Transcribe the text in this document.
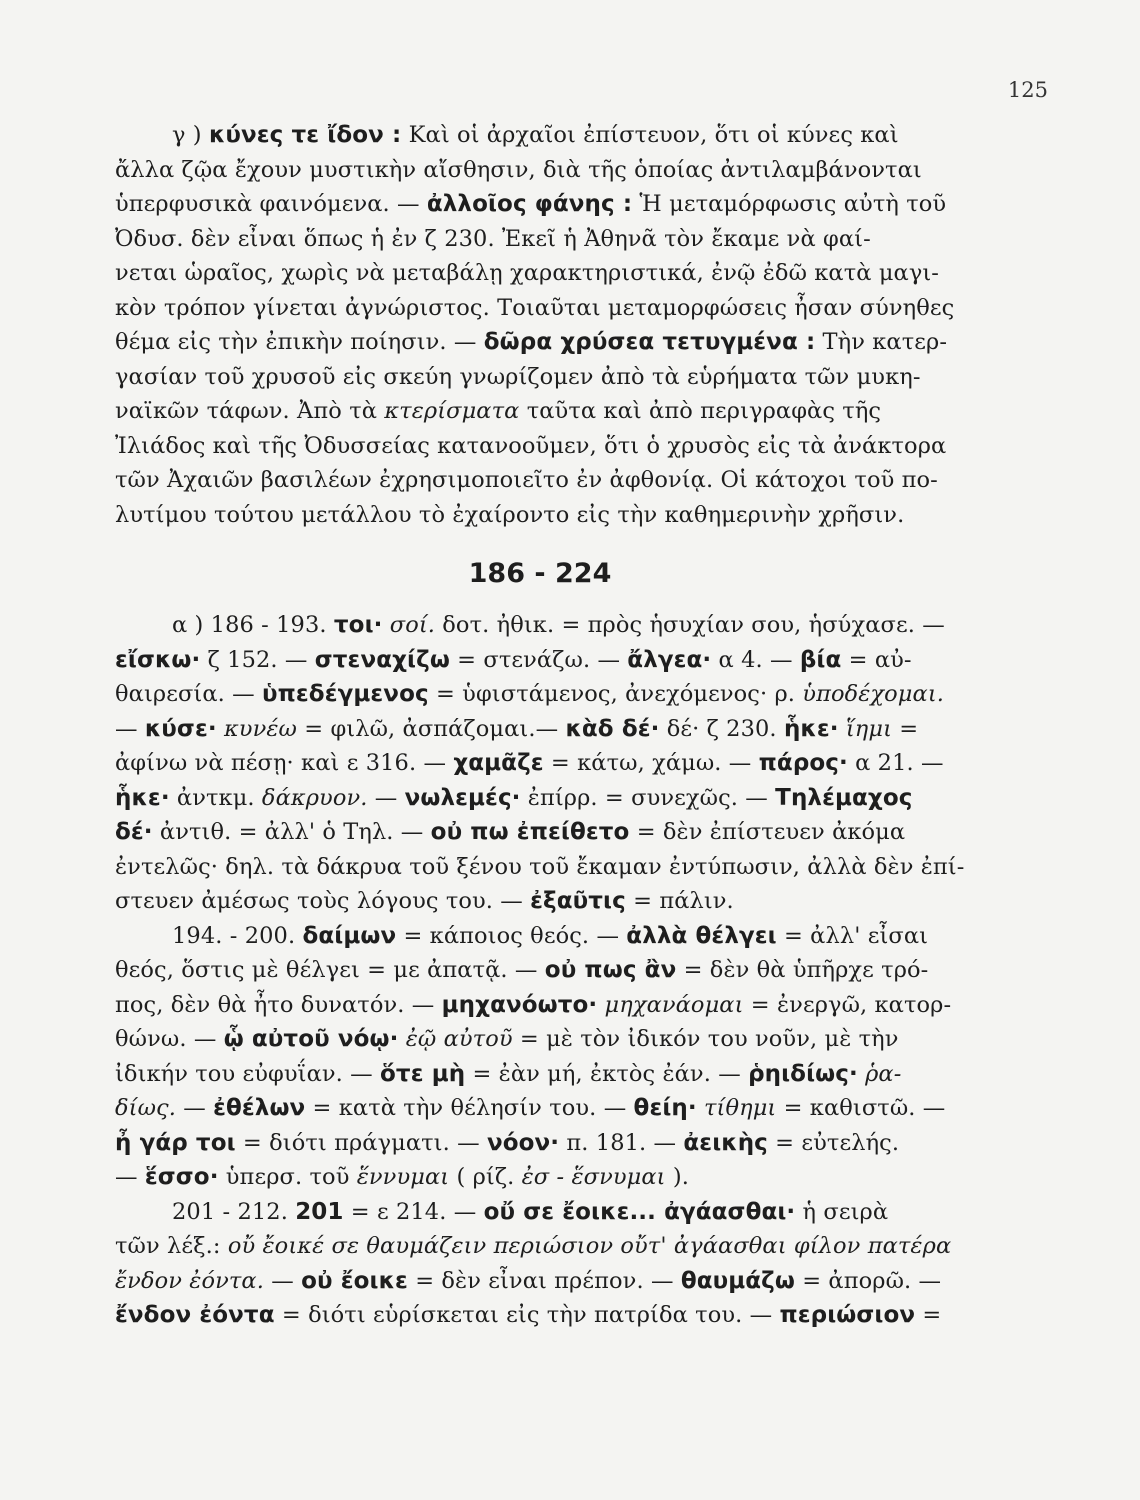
125
γ ) κύνες τε ἴδον : Καὶ οἱ ἀρχαῖοι ἐπίστευον, ὅτι οἱ κύνες καὶ
ἄλλα ζῷα ἔχουν μυστικὴν αἴσθησιν, διὰ τῆς ὁποίας ἀντιλαμβάνονται
ὑπερφυσικὰ φαινόμενα. — ἀλλοῖος φάνης : Ἡ μεταμόρφωσις αὐτὴ τοῦ
Ὀδυσ. δὲν εἶναι ὅπως ἡ ἐν ζ 230. Ἐκεῖ ἡ Ἀθηνᾶ τὸν ἔκαμε νὰ φαί-
νεται ὡραῖος, χωρὶς νὰ μεταβάλῃ χαρακτηριστικά, ἐνῷ ἐδῶ κατὰ μαγι-
κὸν τρόπον γίνεται ἀγνώριστος. Τοιαῦται μεταμορφώσεις ἦσαν σύνηθες
θέμα εἰς τὴν ἐπικὴν ποίησιν. — δῶρα χρύσεα τετυγμένα : Τὴν κατερ-
γασίαν τοῦ χρυσοῦ εἰς σκεύη γνωρίζομεν ἀπὸ τὰ εὑρήματα τῶν μυκη-
ναϊκῶν τάφων. Ἀπὸ τὰ κτερίσματα ταῦτα καὶ ἀπὸ περιγραφὰς τῆς
Ἰλιάδος καὶ τῆς Ὀδυσσείας κατανοοῦμεν, ὅτι ὁ χρυσὸς εἰς τὰ ἀνάκτορα
τῶν Ἀχαιῶν βασιλέων ἐχρησιμοποιεῖτο ἐν ἀφθονίᾳ. Οἱ κάτοχοι τοῦ πο-
λυτίμου τούτου μετάλλου τὸ ἐχαίροντο εἰς τὴν καθημερινὴν χρῆσιν.
186 - 224
α ) 186 - 193. τοι· σοί. δοτ. ἠθικ. = πρὸς ἡσυχίαν σου, ἡσύχασε. —
εἴσκω· ζ 152. — στεναχίζω = στενάζω. — ἄλγεα· α 4. — βία = αὐ-
θαιρεσία. — ὑπεδέγμενος = ὑφιστάμενος, ἀνεχόμενος· ρ. ὑποδέχομαι.
— κύσε· κυνέω = φιλῶ, ἀσπάζομαι.— κὰδ δέ· δέ· ζ 230. ἧκε· ἵημι =
ἀφίνω νὰ πέσῃ· καὶ ε 316. — χαμᾶζε = κάτω, χάμω. — πάρος· α 21. —
ἧκε· ἀντκμ. δάκρυον. — νωλεμές· ἐπίρρ. = συνεχῶς. — Τηλέμαχος
δέ· ἀντιθ. = ἀλλ' ὁ Τηλ. — οὐ πω ἐπείθετο = δὲν ἐπίστευεν ἀκόμα
ἐντελῶς· δηλ. τὰ δάκρυα τοῦ ξένου τοῦ ἔκαμαν ἐντύπωσιν, ἀλλὰ δὲν ἐπί-
στευεν ἀμέσως τοὺς λόγους του. — ἐξαῦτις = πάλιν.
194. - 200. δαίμων = κάποιος θεός. — ἀλλὰ θέλγει = ἀλλ' εἶσαι
θεός, ὅστις μὲ θέλγει = με ἀπατᾷ. — οὐ πως ἂν = δὲν θὰ ὑπῆρχε τρό-
πος, δὲν θὰ ἦτο δυνατόν. — μηχανόωτο· μηχανάομαι = ἐνεργῶ, κατορ-
θώνω. — ᾧ αὐτοῦ νόῳ· ἐῷ αὐτοῦ = μὲ τὸν ἰδικόν του νοῦν, μὲ τὴν
ἰδικήν του εὐφυΐαν. — ὅτε μὴ = ἐὰν μή, ἐκτὸς ἐάν. — ῥηιδίως· ῥα-
δίως. — ἐθέλων = κατὰ τὴν θέλησίν του. — θείη· τίθημι = καθιστῶ. —
ἦ γάρ τοι = διότι πράγματι. — νόον· π. 181. — ἀεικὴς = εὐτελής.
— ἕσσο· ὑπερσ. τοῦ ἕννυμαι ( ρίζ. ἐσ - ἕσνυμαι ).
201 - 212. 201 = ε 214. — οὔ σε ἔοικε... ἀγάασθαι· ἡ σειρὰ
τῶν λέξ.: οὔ ἔοικέ σε θαυμάζειν περιώσιον οὔτ' ἀγάασθαι φίλον πατέρα
ἔνδον ἐόντα. — οὐ ἔοικε = δὲν εἶναι πρέπον. — θαυμάζω = ἀπορῶ. —
ἔνδον ἐόντα = διότι εὑρίσκεται εἰς τὴν πατρίδα του. — περιώσιον =
